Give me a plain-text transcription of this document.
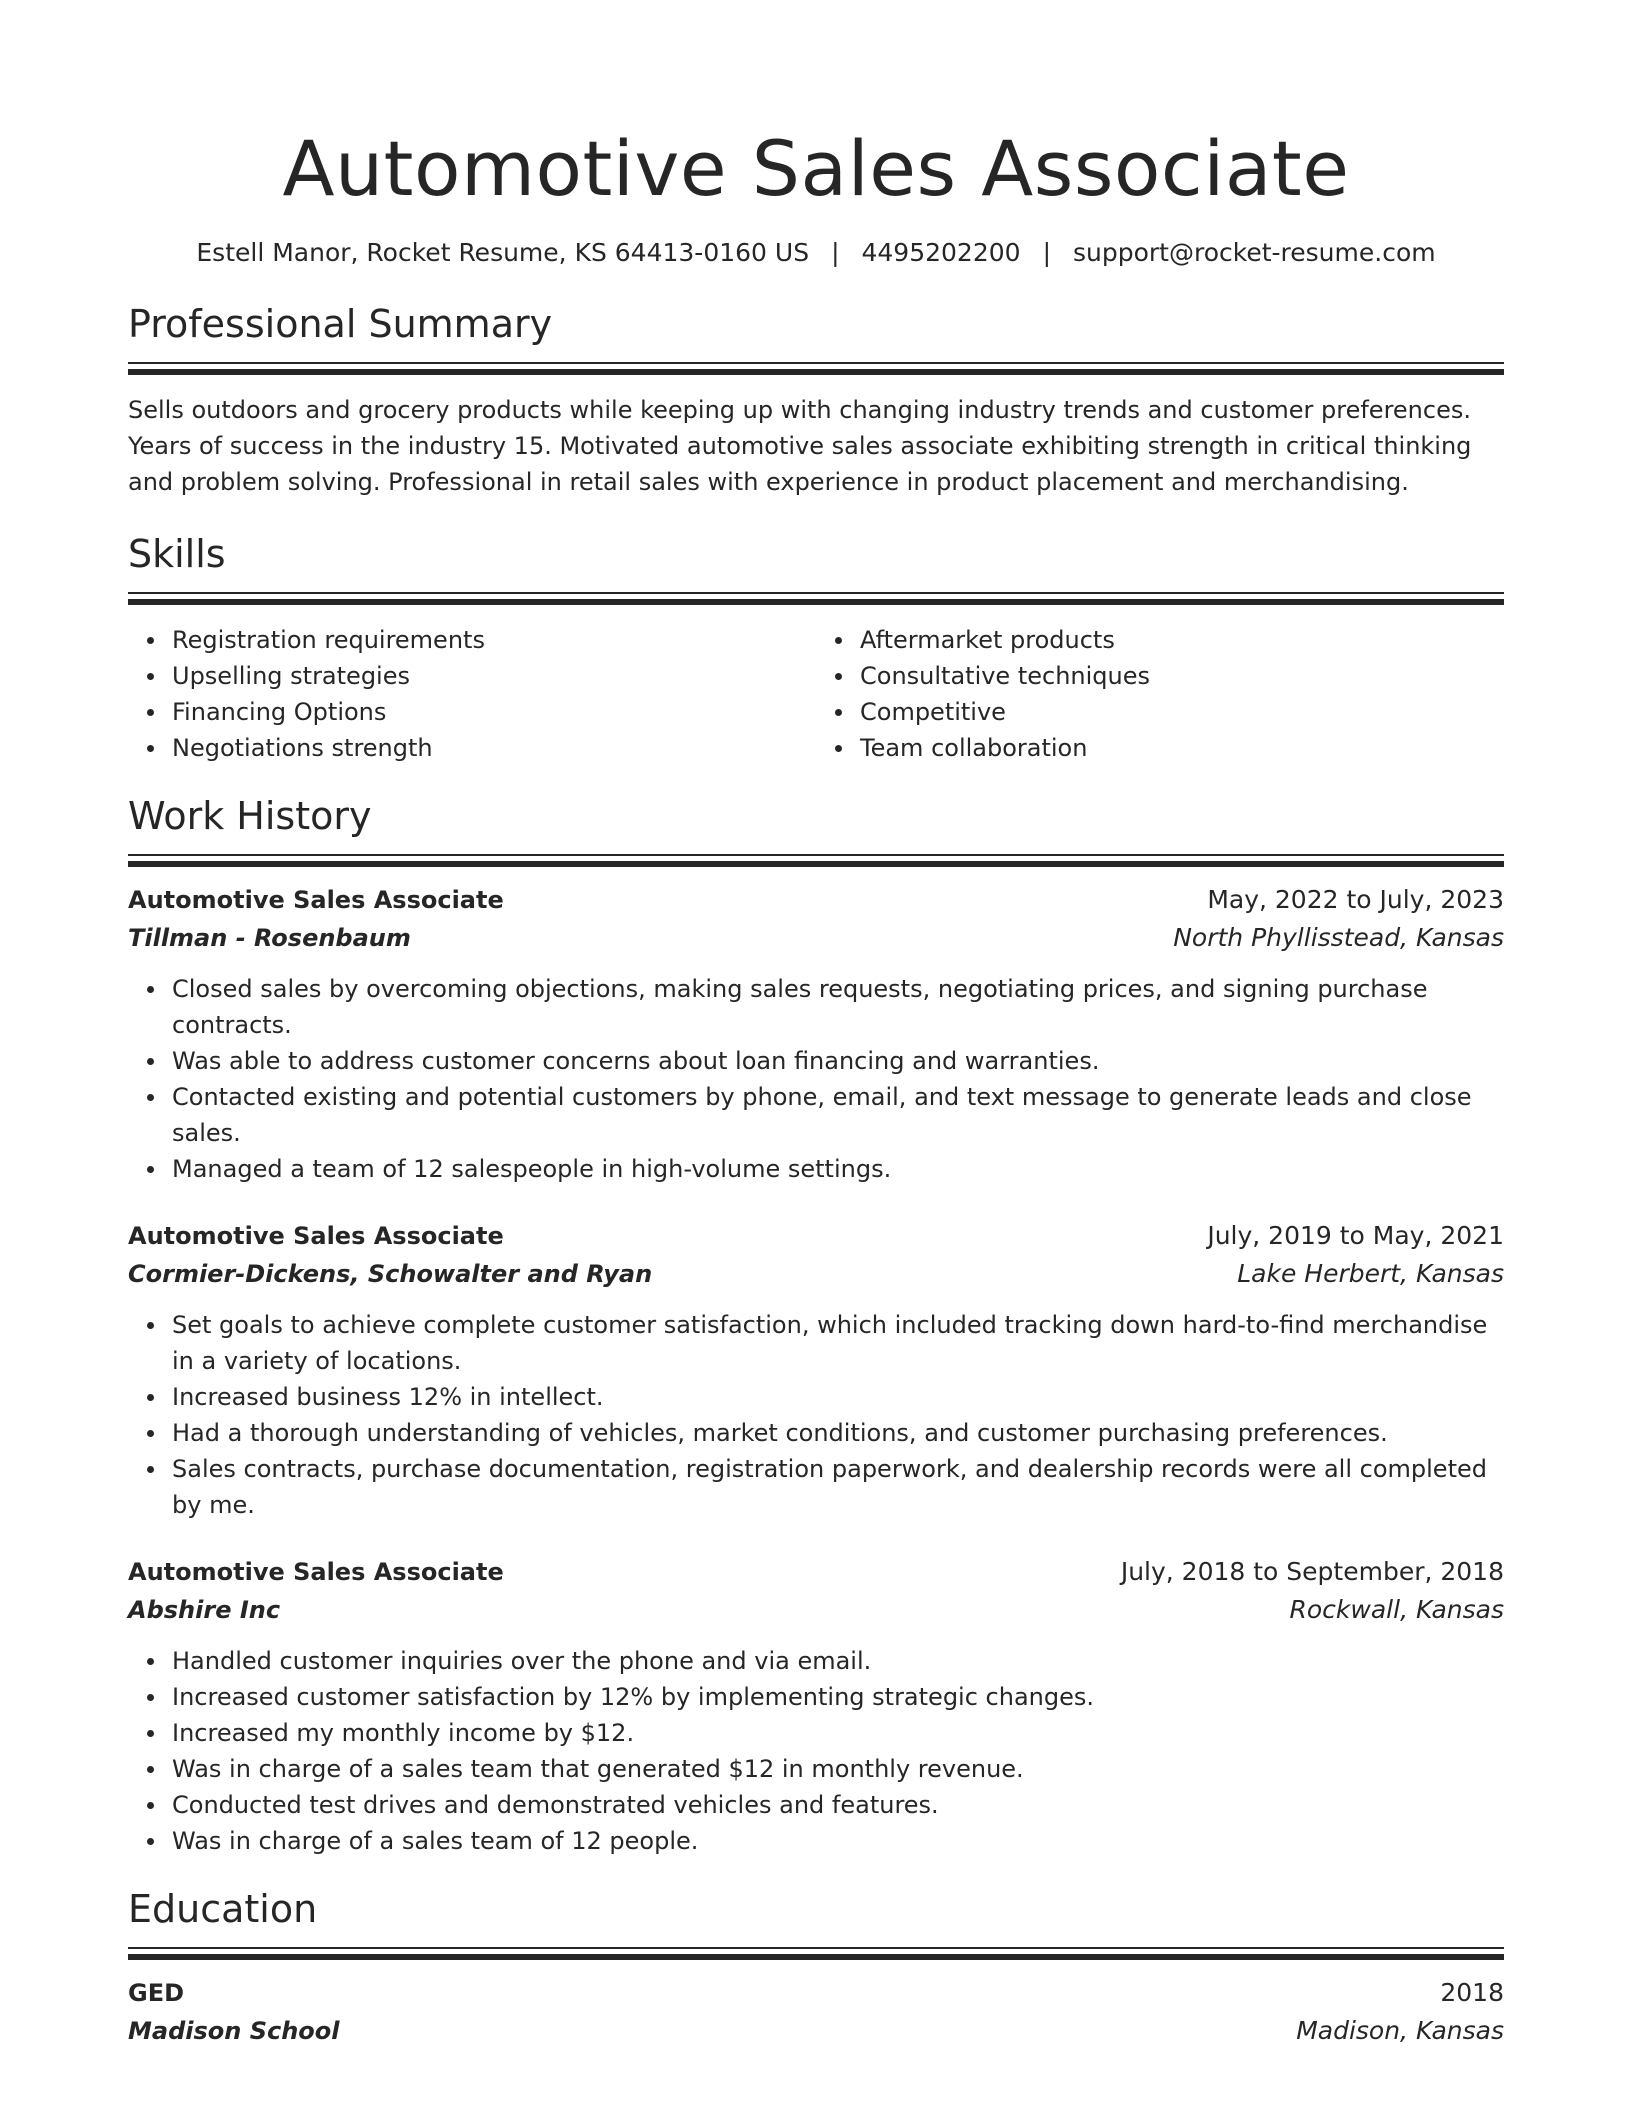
Automotive Sales Associate
Estell Manor, Rocket Resume, KS 64413-0160 US | 4495202200 | support@rocket-resume.com
Professional Summary

Sells outdoors and grocery products while keeping up with changing industry trends and customer preferences. Years of success in the industry 15. Motivated automotive sales associate exhibiting strength in critical thinking and problem solving. Professional in retail sales with experience in product placement and merchandising.

Skills
Registration requirements
Upselling strategies
Financing Options
Negotiations strength
Aftermarket products
Consultative techniques
Competitive
Team collaboration
Work History
Automotive Sales Associate	May, 2022 to July, 2023
Tillman - Rosenbaum	North Phyllisstead, Kansas
Closed sales by overcoming objections, making sales requests, negotiating prices, and signing purchase contracts.
Was able to address customer concerns about loan financing and warranties.
Contacted existing and potential customers by phone, email, and text message to generate leads and close sales.
Managed a team of 12 salespeople in high-volume settings.
Automotive Sales Associate	July, 2019 to May, 2021
Cormier-Dickens, Schowalter and Ryan	Lake Herbert, Kansas
Set goals to achieve complete customer satisfaction, which included tracking down hard-to-find merchandise in a variety of locations.
Increased business 12% in intellect.
Had a thorough understanding of vehicles, market conditions, and customer purchasing preferences.
Sales contracts, purchase documentation, registration paperwork, and dealership records were all completed by me.
Automotive Sales Associate	July, 2018 to September, 2018
Abshire Inc	Rockwall, Kansas
Handled customer inquiries over the phone and via email.
Increased customer satisfaction by 12% by implementing strategic changes.
Increased my monthly income by $12.
Was in charge of a sales team that generated $12 in monthly revenue.
Conducted test drives and demonstrated vehicles and features.
Was in charge of a sales team of 12 people.
Education
GED	2018
Madison School	Madison, Kansas
